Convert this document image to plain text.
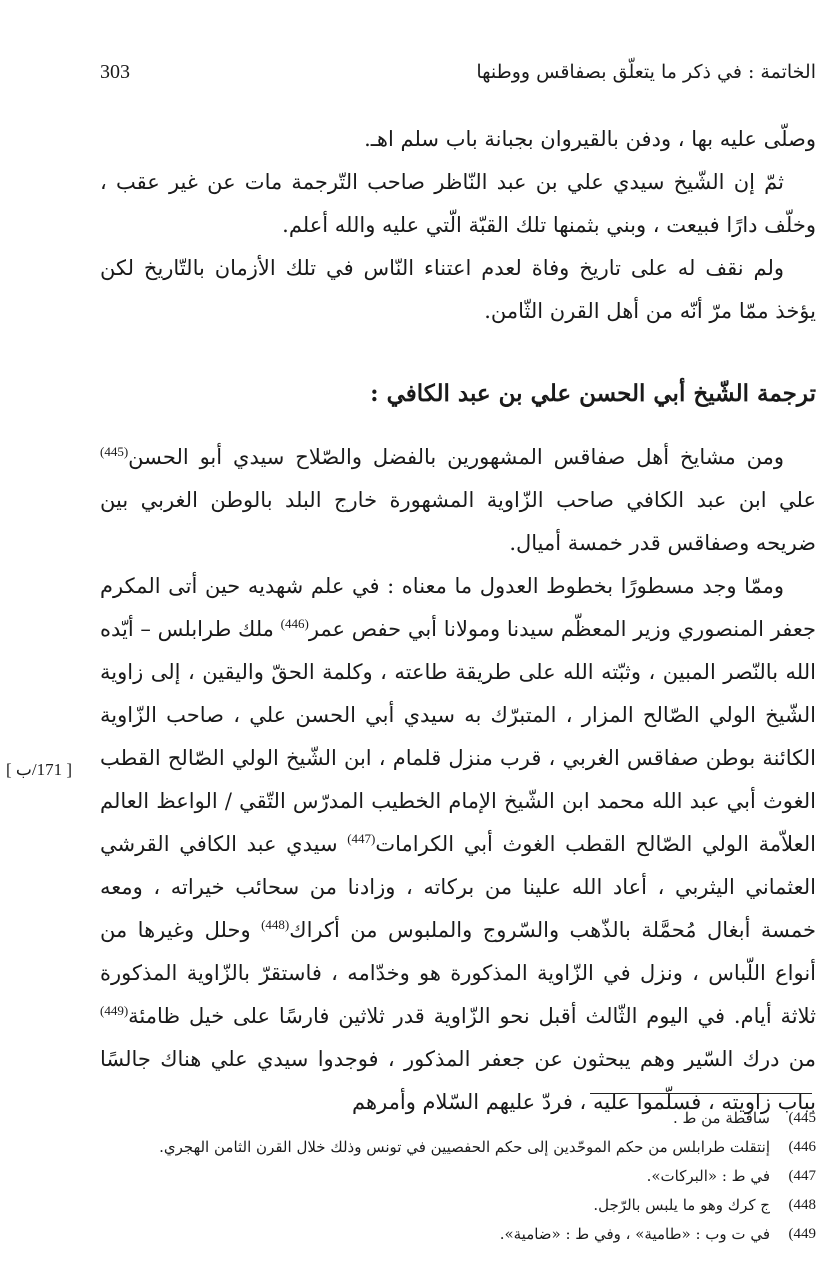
الخاتمة : في ذكر ما يتعلّق بصفاقس ووطنها
303

وصلّى عليه بها ، ودفن بالقيروان بجبانة باب سلم اهـ.

ثمّ إن الشّيخ سيدي علي بن عبد النّاظر صاحب التّرجمة مات عن غير عقب ، وخلّف دارًا فبيعت ، وبني بثمنها تلك القبّة الّتي عليه والله أعلم.

ولم نقف له على تاريخ وفاة لعدم اعتناء النّاس في تلك الأزمان بالتّاريخ لكن يؤخذ ممّا مرّ أنّه من أهل القرن الثّامن.

ترجمة الشّيخ أبي الحسن علي بن عبد الكافي :

ومن مشايخ أهل صفاقس المشهورين بالفضل والصّلاح سيدي أبو الحسن$^{(445)}$ علي ابن عبد الكافي صاحب الزّاوية المشهورة خارج البلد بالوطن الغربي بين ضريحه وصفاقس قدر خمسة أميال.

وممّا وجد مسطورًا بخطوط العدول ما معناه : في علم شهديه حين أتى المكرم جعفر المنصوري وزير المعظّم سيدنا ومولانا أبي حفص عمر$^{(446)}$ ملك طرابلس – أيّده الله بالنّصر المبين ، وثبّته الله على طريقة طاعته ، وكلمة الحقّ واليقين ، إلى زاوية الشّيخ الولي الصّالح المزار ، المتبرّك به سيدي أبي الحسن علي ، صاحب الزّاوية الكائنة بوطن صفاقس الغربي ، قرب منزل قلمام ، ابن الشّيخ الولي الصّالح القطب الغوث أبي عبد الله محمد ابن الشّيخ الإمام الخطيب المدرّس التّقي / الواعظ العالم العلاّمة الولي الصّالح القطب الغوث أبي الكرامات$^{(447)}$ سيدي عبد الكافي القرشي العثماني اليثربي ، أعاد الله علينا من بركاته ، وزادنا من سحائب خيراته ، ومعه خمسة أبغال مُحمَّلة بالذّهب والسّروج والملبوس من أكراك$^{(448)}$ وحلل وغيرها من أنواع اللّباس ، ونزل في الزّاوية المذكورة هو وخدّامه ، فاستقرّ بالزّاوية المذكورة ثلاثة أيام. في اليوم الثّالث أقبل نحو الزّاوية قدر ثلاثين فارسًا على خيل ظامئة$^{(449)}$ من درك السّير وهم يبحثون عن جعفر المذكور ، فوجدوا سيدي علي هناك جالسًا بباب زاويته ، فسلّموا عليه ، فردّ عليهم السّلام وأمرهم

[ 171/ب ]
445)
ساقطة من ط .
446)
إنتقلت طرابلس من حكم الموحّدين إلى حكم الحفصيين في تونس وذلك خلال القرن الثامن الهجري.
447)
في ط : «البركات».
448)
ج كرك وهو ما يلبس بالرّجل.
449)
في ت وب : «طامية» ، وفي ط : «ضامية».
